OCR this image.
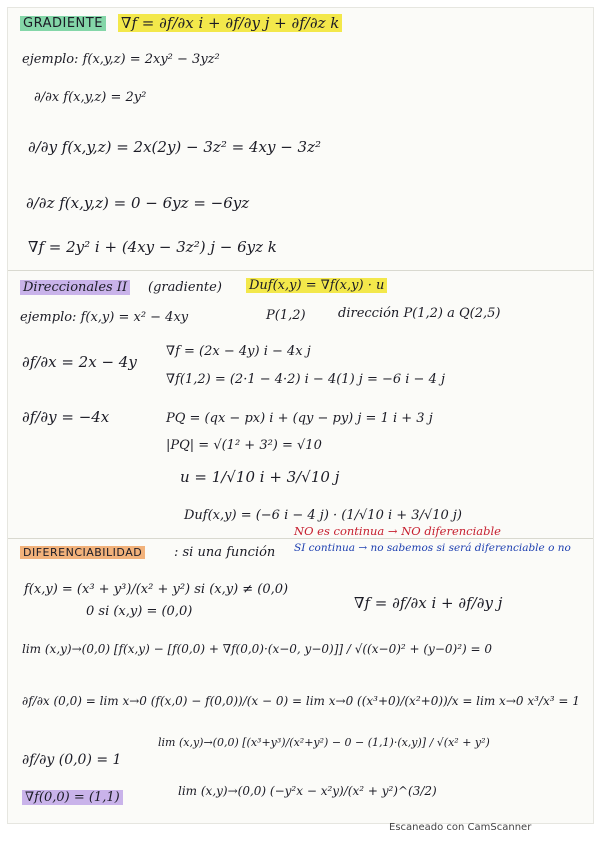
GRADIENTE ∇f = ∂f/∂x i + ∂f/∂y j + ∂f/∂z k
ejemplo: f(x,y,z) = 2xy² − 3yz²
∂/∂x f(x,y,z) = 2y²
∂/∂y f(x,y,z) = 2x(2y) − 3z² = 4xy − 3z²
∂/∂z f(x,y,z) = 0 − 6yz = −6yz
∇f = 2y² i + (4xy − 3z²) j − 6yz k
Direccionales II (gradiente) Duf(x,y) = ∇f(x,y) · u
ejemplo: f(x,y) = x² − 4xy	P(1,2) dirección P(1,2) a Q(2,5)
∂f/∂x = 2x − 4y
∂f/∂y = −4x
∇f = (2x − 4y) i − 4x j
∇f(1,2) = (2·1 − 4·2) i − 4(1) j = −6 i − 4 j
PQ = (qx − px) i + (qy − py) j = 1 i + 3 j
|PQ| = √(1² + 3²) = √10
u = 1/√10 i + 3/√10 j
Duf(x,y) = (−6 i − 4 j) · (1/√10 i + 3/√10 j)
DIFERENCIABILIDAD : si una función
NO es continua → NO diferenciable
SI continua → no sabemos si será diferenciable o no
f(x,y) = (x³ + y³)/(x² + y²) si (x,y) ≠ (0,0)
0 si (x,y) = (0,0)	∇f = ∂f/∂x i + ∂f/∂y j
lim (x,y)→(0,0) [f(x,y) − [f(0,0) + ∇f(0,0)·(x−0, y−0)]] / √((x−0)² + (y−0)²) = 0
∂f/∂x (0,0) = lim x→0 (f(x,0) − f(0,0))/(x − 0) = lim x→0 ((x³+0)/(x²+0))/x = lim x→0 x³/x³ = 1
∂f/∂y (0,0) = 1
lim (x,y)→(0,0) [(x³+y³)/(x²+y²) − 0 − (1,1)·(x,y)] / √(x² + y²)
∇f(0,0) = (1,1)	lim (x,y)→(0,0) (−y²x − x²y)/(x² + y²)^(3/2)
Escaneado con CamScanner
